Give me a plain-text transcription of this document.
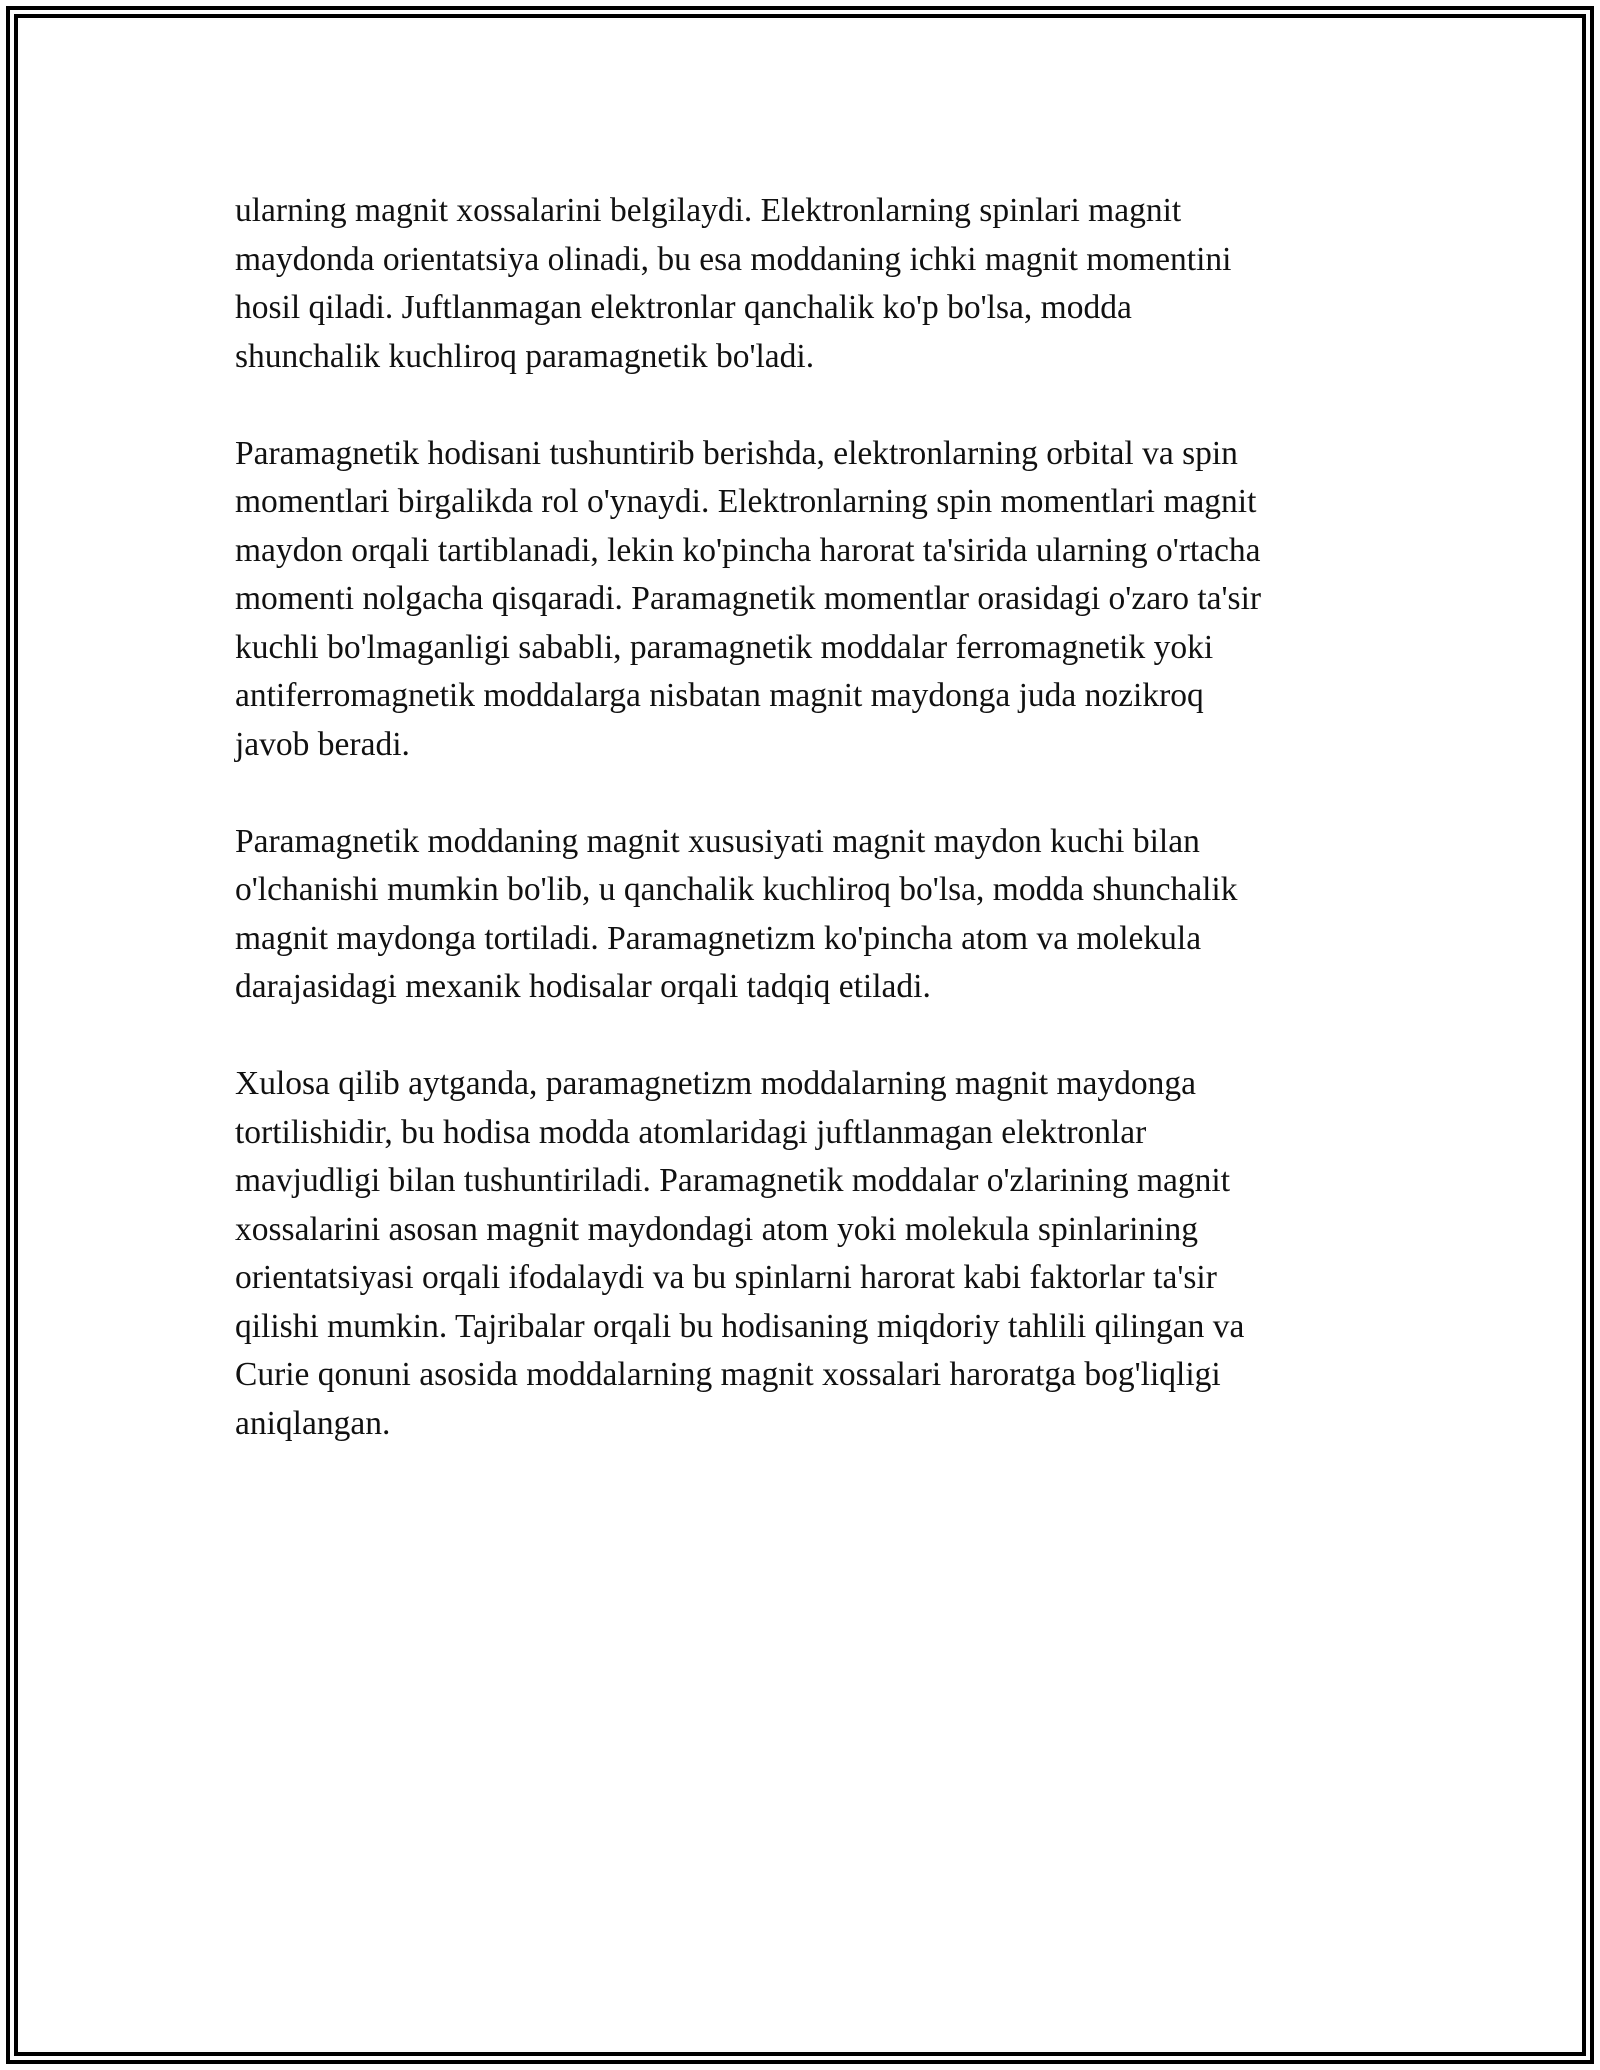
ularning magnit xossalarini belgilaydi. Elektronlarning spinlari magnit
maydonda orientatsiya olinadi, bu esa moddaning ichki magnit momentini
hosil qiladi. Juftlanmagan elektronlar qanchalik ko'p bo'lsa, modda
shunchalik kuchliroq paramagnetik bo'ladi.

Paramagnetik hodisani tushuntirib berishda, elektronlarning orbital va spin
momentlari birgalikda rol o'ynaydi. Elektronlarning spin momentlari magnit
maydon orqali tartiblanadi, lekin ko'pincha harorat ta'sirida ularning o'rtacha
momenti nolgacha qisqaradi. Paramagnetik momentlar orasidagi o'zaro ta'sir
kuchli bo'lmaganligi sababli, paramagnetik moddalar ferromagnetik yoki
antiferromagnetik moddalarga nisbatan magnit maydonga juda nozikroq
javob beradi.

Paramagnetik moddaning magnit xususiyati magnit maydon kuchi bilan
o'lchanishi mumkin bo'lib, u qanchalik kuchliroq bo'lsa, modda shunchalik
magnit maydonga tortiladi. Paramagnetizm ko'pincha atom va molekula
darajasidagi mexanik hodisalar orqali tadqiq etiladi.

Xulosa qilib aytganda, paramagnetizm moddalarning magnit maydonga
tortilishidir, bu hodisa modda atomlaridagi juftlanmagan elektronlar
mavjudligi bilan tushuntiriladi. Paramagnetik moddalar o'zlarining magnit
xossalarini asosan magnit maydondagi atom yoki molekula spinlarining
orientatsiyasi orqali ifodalaydi va bu spinlarni harorat kabi faktorlar ta'sir
qilishi mumkin. Tajribalar orqali bu hodisaning miqdoriy tahlili qilingan va
Curie qonuni asosida moddalarning magnit xossalari haroratga bog'liqligi
aniqlangan.
